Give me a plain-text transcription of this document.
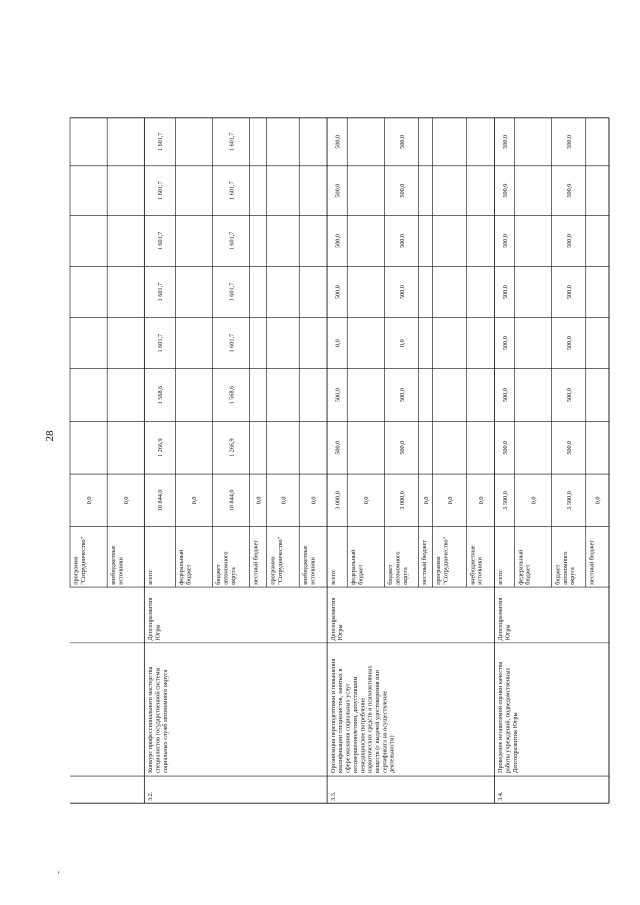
28
'
программа"Сотрудничество"
0,0
внебюджетныеисточники
0,0
всего:
10 844,0
1 266,9
1 568,6
1 601,7
1 601,7
1 601,7
1 601,7
1 601,7
федеральныйбюджет
0,0
бюджетавтономногоокруга
10 844,0
1 266,9
1 568,6
1 601,7
1 601,7
1 601,7
1 601,7
1 601,7
местный бюджет
0,0
программа"Сотрудничество"
0,0
внебюджетныеисточники
0,0
всего:
3 000,0
500,0
500,0
0,0
500,0
500,0
500,0
500,0
федеральныйбюджет
0,0
бюджетавтономногоокруга
3 000,0
500,0
500,0
0,0
500,0
500,0
500,0
500,0
местный бюджет
0,0
программа"Сотрудничество"
0,0
внебюджетныеисточники
0,0
всего:
3 500,0
500,0
500,0
500,0
500,0
500,0
500,0
500,0
федеральныйбюджет
0,0
бюджетавтономногоокруга
3 500,0
500,0
500,0
500,0
500,0
500,0
500,0
500,0
местный бюджет
0,0
3.2.
Конкурс профессионального мастерстваспециалистов государственной системысоциальных служб автономного округа
ДепсоцразвитияЮгры
3.3.
Организация переподготовки и повышенияквалификации специалистов, занятых всфере оказания социальных услугнесовершеннолетним, допустившимнемедицинское потреблениенаркотических средств и психоактивныхвеществ (с выдачей удостоверения илисертификата на осуществлениедеятельности)
ДепсоцразвитияЮгры
3.4.
Проведение независимой оценки качестваработы учреждений, подведомственныхДепсоцразвития Югры
ДепсоцразвитияЮгры
